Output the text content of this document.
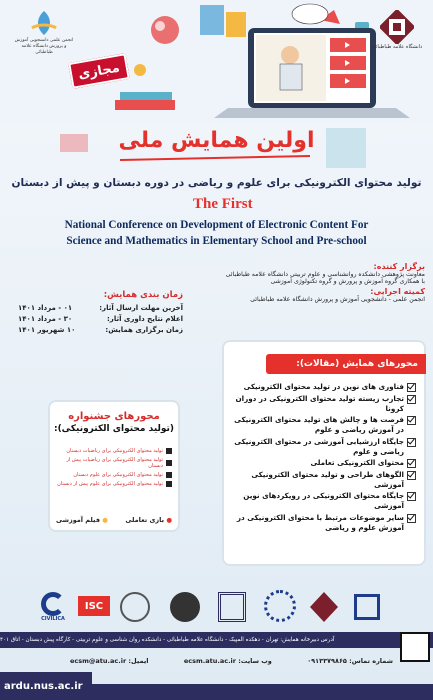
انجمن علمی دانشجویی آموزش و پرورش دانشگاه علامه طباطبائی
دانشگاه علامه طباطبائی
مجازی
اولین همایش ملی
تولید محتوای الکترونیکی برای علوم و ریاضی در دوره دبستان و پیش از دبستان
The First
National Conference on Development of Electronic Content For
Science and Mathematics in Elementary School and Pre-school
برگزار کننده:
معاونت پژوهشی دانشکده روانشناسی و علوم تربیتی دانشگاه علامه طباطبائی
با همکاری گروه آموزش و پرورش و گروه تکنولوژی آموزشی
کمیته اجرایی:
انجمن علمی - دانشجویی آموزش و پرورش دانشگاه علامه طباطبائی
زمان بندی همایش:
آخرین مهلت ارسال آثار:
۰۱ - مرداد ۱۴۰۱
اعلام نتایج داوری آثار:
۳۰ - مرداد ۱۴۰۱
زمان برگزاری همایش:
۱۰ شهریور ۱۴۰۱
محورهای همایش (مقالات):
فناوری های نوین در تولید محتوای الکترونیکی
تجارب زیسته تولید محتوای الکترونیکی در دوران کرونا
فرصت ها و چالش های تولید محتوای الکترونیکی در آموزش ریاضی و علوم
جایگاه ارزشیابی آموزشی در محتوای الکترونیکی ریاضی و علوم
محتوای الکترونیکی تعاملی
الگوهای طراحی و تولید محتوای الکترونیکی آموزشی
جایگاه محتوای الکترونیکی در رویکردهای نوین آموزشی
سایر موضوعات مرتبط با محتوای الکترونیکی در آموزش علوم و ریاضی
محورهای جشنواره
(تولید محتوای الکترونیکی):
تولید محتوای الکترونیکی برای ریاضیات دبستان
تولید محتوای الکترونیکی برای ریاضیات پیش از دبستان
تولید محتوای الکترونیکی برای علوم دبستان
تولید محتوای الکترونیکی برای علوم پیش از دبستان
● بازی تعاملی
● فیلم آموزشی
CIVILICA
ISC
آدرس دبیرخانه همایش: تهران - دهکده المپیک - دانشگاه علامه طباطبائی - دانشکده روان شناسی و علوم تربیتی - کارگاه پیش دبستان - اتاق ۴۰۱
شماره تماس: ۰۹۱۳۳۷۹۸۶۵
وب سایت: ecsm.atu.ac.ir
ایمیل: ecsm@atu.ac.ir
ardu.nus.ac.ir
